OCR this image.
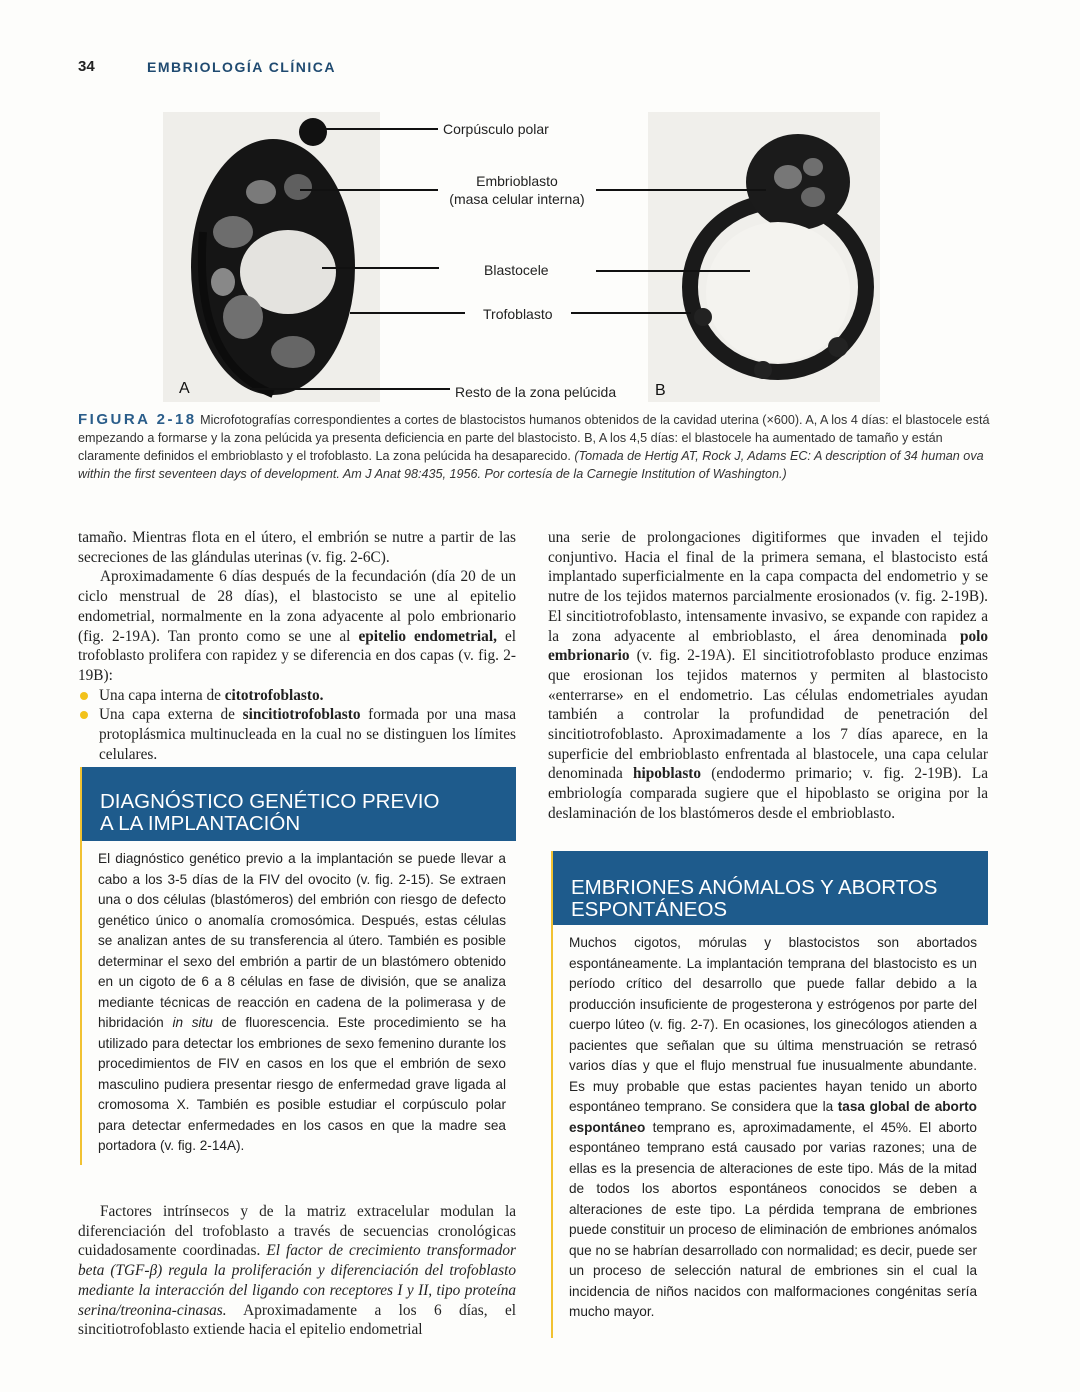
34	EMBRIOLOGÍA CLÍNICA
Corpúsculo polar
Embrioblasto
(masa celular interna)
Blastocele
Trofoblasto
Resto de la zona pelúcida
A	B
FIGURA 2-18 Microfotografías correspondientes a cortes de blastocistos humanos obtenidos de la cavidad uterina (×600). A, A los 4 días: el blastocele está empezando a formarse y la zona pelúcida ya presenta deficiencia en parte del blastocisto. B, A los 4,5 días: el blastocele ha aumentado de tamaño y están claramente definidos el embrioblasto y el trofoblasto. La zona pelúcida ha desaparecido. (Tomada de Hertig AT, Rock J, Adams EC: A description of 34 human ova within the first seventeen days of development. Am J Anat 98:435, 1956. Por cortesía de la Carnegie Institution of Washington.)

tamaño. Mientras flota en el útero, el embrión se nutre a partir de las secreciones de las glándulas uterinas (v. fig. 2-6C).

Aproximadamente 6 días después de la fecundación (día 20 de un ciclo menstrual de 28 días), el blastocisto se une al epitelio endometrial, normalmente en la zona adyacente al polo embrionario (fig. 2-19A). Tan pronto como se une al epitelio endometrial, el trofoblasto prolifera con rapidez y se diferencia en dos capas (v. fig. 2-19B):

Una capa interna de citotrofoblasto.

Una capa externa de sincitiotrofoblasto formada por una masa protoplásmica multinucleada en la cual no se distinguen los límites celulares.

DIAGNÓSTICO GENÉTICO PREVIO
A LA IMPLANTACIÓN
El diagnóstico genético previo a la implantación se puede llevar a cabo a los 3-5 días de la FIV del ovocito (v. fig. 2-15). Se extraen una o dos células (blastómeros) del embrión con riesgo de defecto genético único o anomalía cromosómica. Después, estas células se analizan antes de su transferencia al útero. También es posible determinar el sexo del embrión a partir de un blastómero obtenido en un cigoto de 6 a 8 células en fase de división, que se analiza mediante técnicas de reacción en cadena de la polimerasa y de hibridación in situ de fluorescencia. Este procedimiento se ha utilizado para detectar los embriones de sexo femenino durante los procedimientos de FIV en casos en los que el embrión de sexo masculino pudiera presentar riesgo de enfermedad grave ligada al cromosoma X. También es posible estudiar el corpúsculo polar para detectar enfermedades en los casos en que la madre sea portadora (v. fig. 2-14A).

Factores intrínsecos y de la matriz extracelular modulan la diferenciación del trofoblasto a través de secuencias cronológicas cuidadosamente coordinadas. El factor de crecimiento transformador beta (TGF-β) regula la proliferación y diferenciación del trofoblasto mediante la interacción del ligando con receptores I y II, tipo proteína serina/treonina-cinasas. Aproximadamente a los 6 días, el sincitiotrofoblasto extiende hacia el epitelio endometrial

una serie de prolongaciones digitiformes que invaden el tejido conjuntivo. Hacia el final de la primera semana, el blastocisto está implantado superficialmente en la capa compacta del endometrio y se nutre de los tejidos maternos parcialmente erosionados (v. fig. 2-19B). El sincitiotrofoblasto, intensamente invasivo, se expande con rapidez a la zona adyacente al embrioblasto, el área denominada polo embrionario (v. fig. 2-19A). El sincitiotrofoblasto produce enzimas que erosionan los tejidos maternos y permiten al blastocisto «enterrarse» en el endometrio. Las células endometriales ayudan también a controlar la profundidad de penetración del sincitiotrofoblasto. Aproximadamente a los 7 días aparece, en la superficie del embrioblasto enfrentada al blastocele, una capa celular denominada hipoblasto (endodermo primario; v. fig. 2-19B). La embriología comparada sugiere que el hipoblasto se origina por la deslaminación de los blastómeros desde el embrioblasto.

EMBRIONES ANÓMALOS Y ABORTOS
ESPONTÁNEOS
Muchos cigotos, mórulas y blastocistos son abortados espontáneamente. La implantación temprana del blastocisto es un período crítico del desarrollo que puede fallar debido a la producción insuficiente de progesterona y estrógenos por parte del cuerpo lúteo (v. fig. 2-7). En ocasiones, los ginecólogos atienden a pacientes que señalan que su última menstruación se retrasó varios días y que el flujo menstrual fue inusualmente abundante. Es muy probable que estas pacientes hayan tenido un aborto espontáneo temprano. Se considera que la tasa global de aborto espontáneo temprano es, aproximadamente, el 45%. El aborto espontáneo temprano está causado por varias razones; una de ellas es la presencia de alteraciones de este tipo. Más de la mitad de todos los abortos espontáneos conocidos se deben a alteraciones de este tipo. La pérdida temprana de embriones puede constituir un proceso de eliminación de embriones anómalos que no se habrían desarrollado con normalidad; es decir, puede ser un proceso de selección natural de embriones sin el cual la incidencia de niños nacidos con malformaciones congénitas sería mucho mayor.
